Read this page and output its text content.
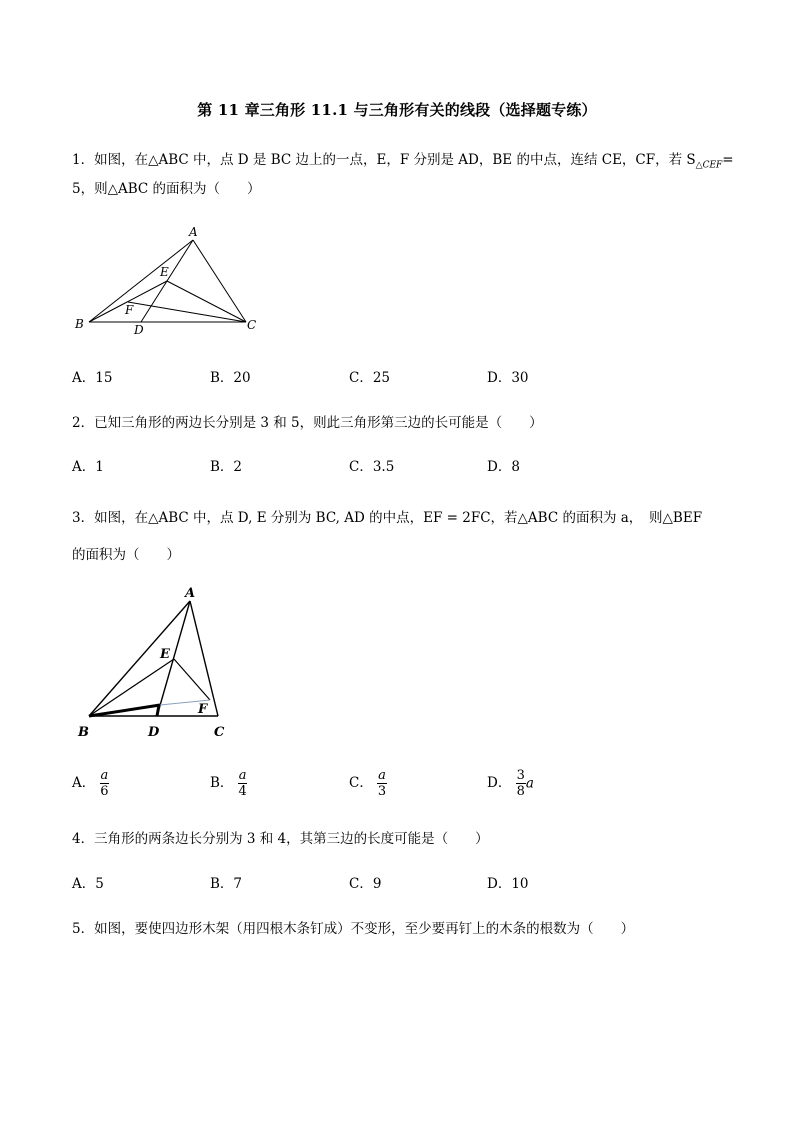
第 11 章三角形 11.1 与三角形有关的线段（选择题专练）
1．如图，在△ABC 中，点 D 是 BC 边上的一点，E，F 分别是 AD，BE 的中点，连结 CE，CF，若 $S_{\triangle CEF}=$
5，则△ABC 的面积为（　　）
A
E
F
B	D	C
A
E
F
B	D	C
A．15	B．20	C．25	D．30
2．已知三角形的两边长分别是 3 和 5，则此三角形第三边的长可能是（　　）
A．1	B．2	C．3.5	D．8
3．如图，在△ABC 中，点 D, E 分别为 BC, AD 的中点，EF = 2FC，若△ABC 的面积为 a，　则△BEF
的面积为（　　）
A． $\frac{a}{6}$	B． $\frac{a}{4}$	C． $\frac{a}{3}$	D． $\frac{3}{8}$ a
4．三角形的两条边长分别为 3 和 4，其第三边的长度可能是（　　）
A．5	B．7	C．9	D．10
5．如图，要使四边形木架（用四根木条钉成）不变形，至少要再钉上的木条的根数为（　　）
